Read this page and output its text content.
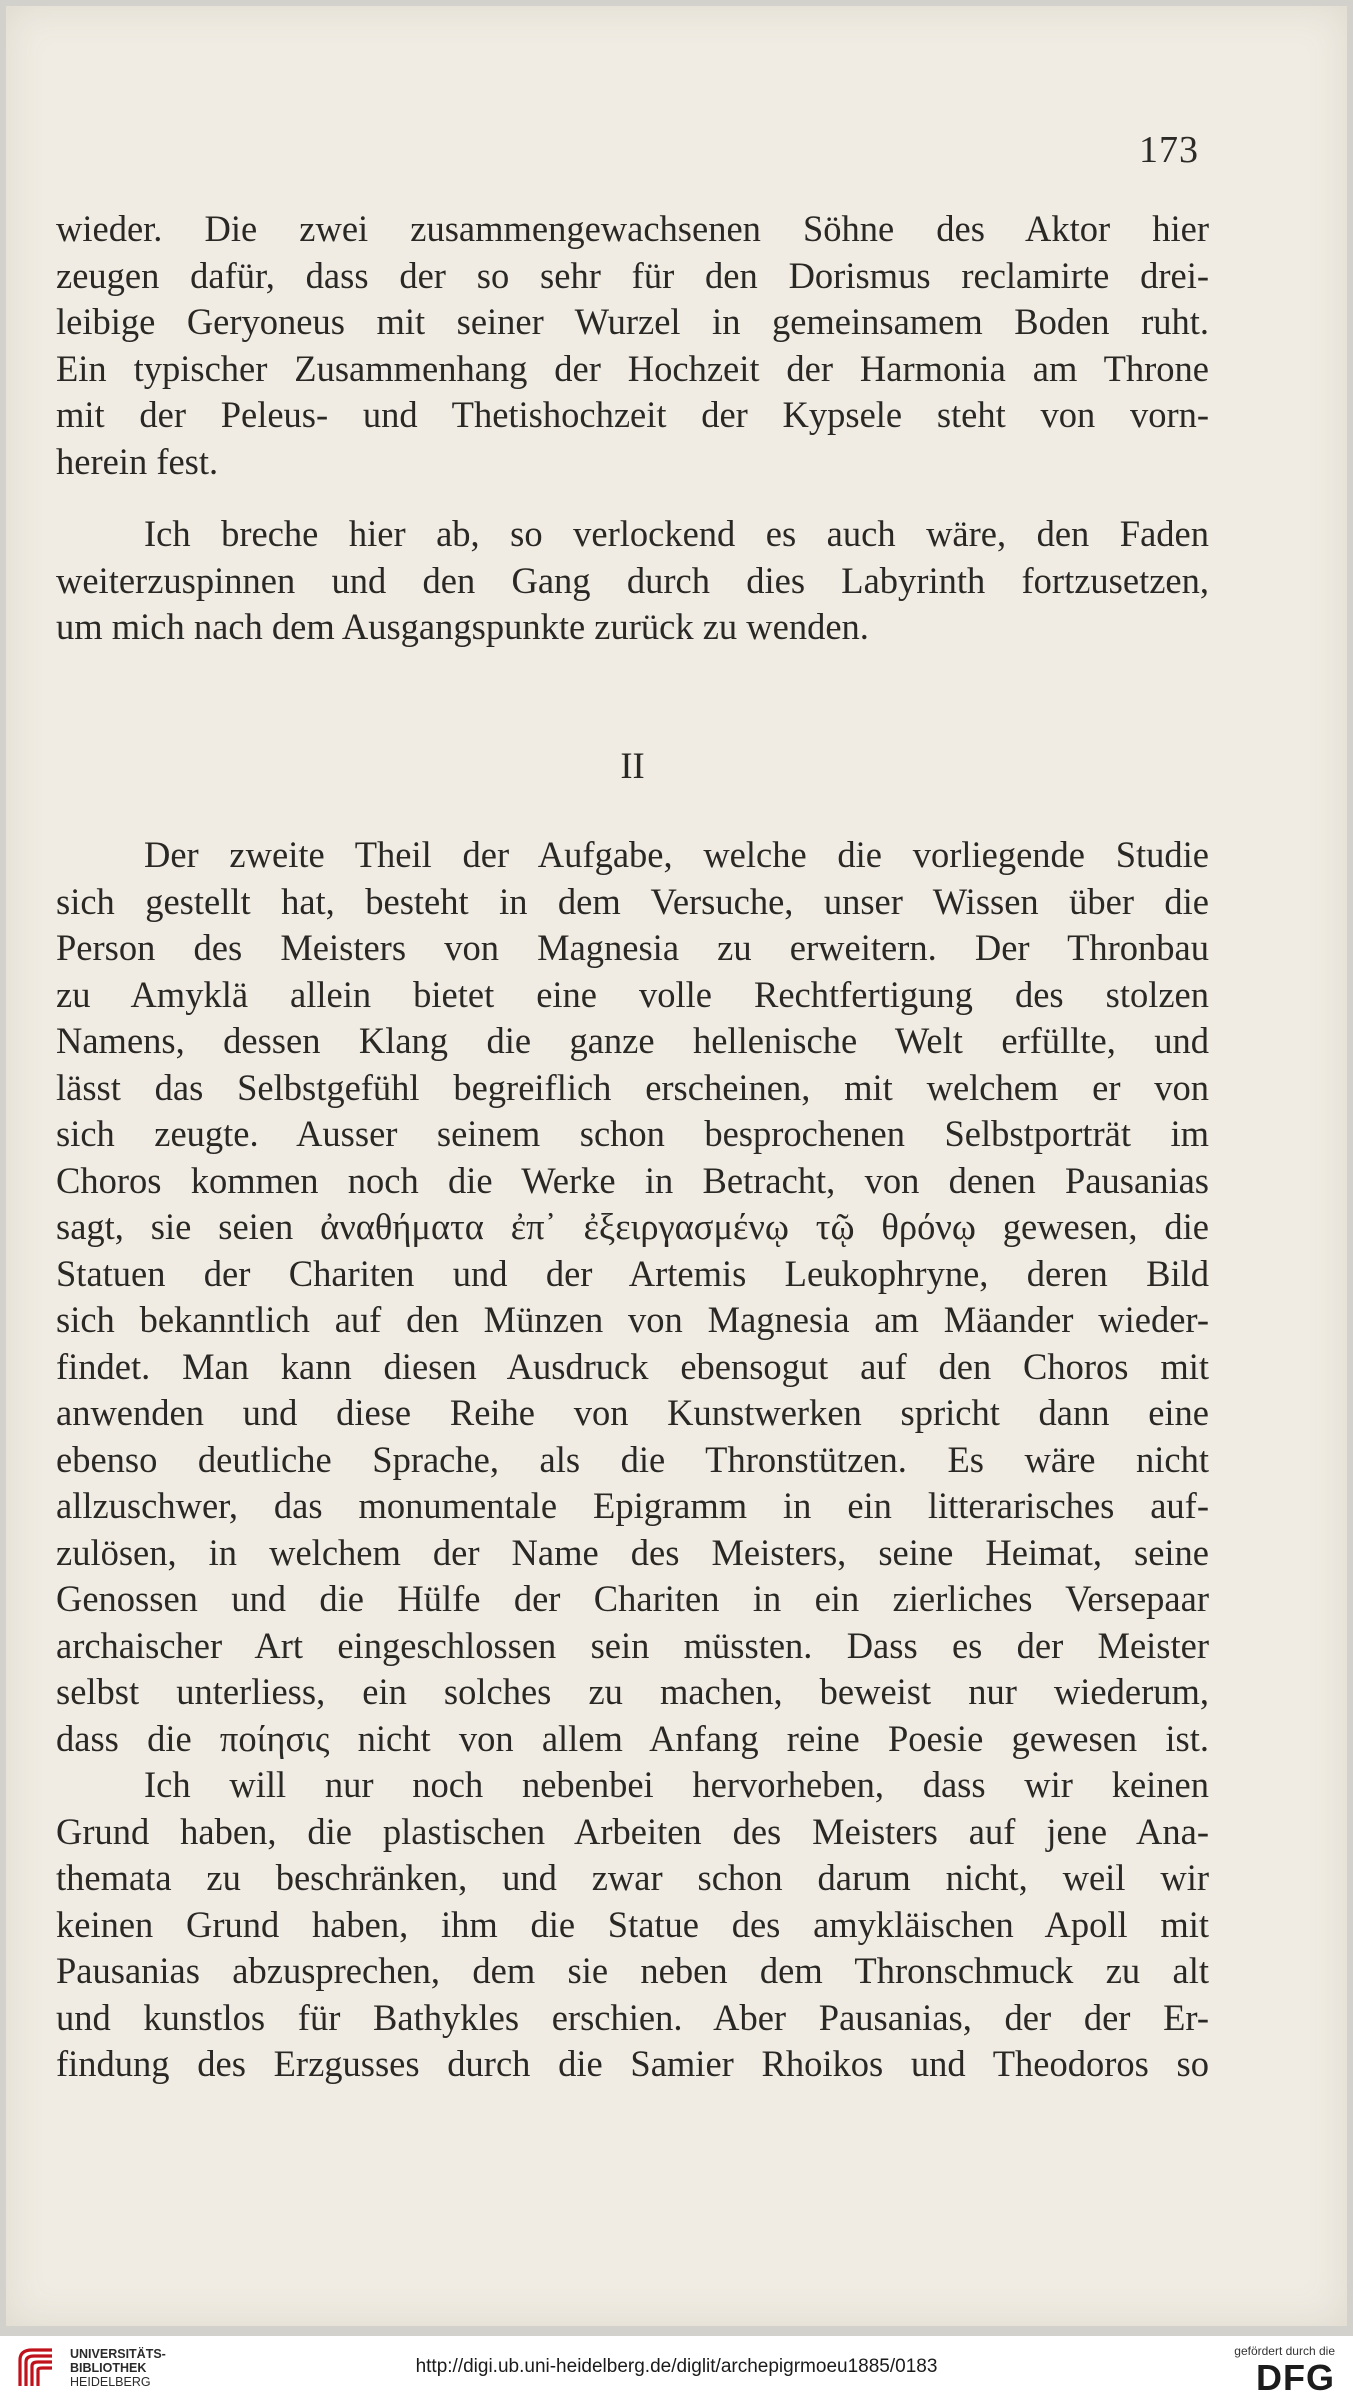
173
wieder. Die zwei zusammengewachsenen Söhne des Aktor hier
zeugen dafür, dass der so sehr für den Dorismus reclamirte drei-
leibige Geryoneus mit seiner Wurzel in gemeinsamem Boden ruht.
Ein typischer Zusammenhang der Hochzeit der Harmonia am Throne
mit der Peleus- und Thetishochzeit der Kypsele steht von vorn-
herein fest.
Ich breche hier ab, so verlockend es auch wäre, den Faden
weiterzuspinnen und den Gang durch dies Labyrinth fortzusetzen,
um mich nach dem Ausgangspunkte zurück zu wenden.
II
Der zweite Theil der Aufgabe, welche die vorliegende Studie
sich gestellt hat, besteht in dem Versuche, unser Wissen über die
Person des Meisters von Magnesia zu erweitern. Der Thronbau
zu Amyklä allein bietet eine volle Rechtfertigung des stolzen
Namens, dessen Klang die ganze hellenische Welt erfüllte, und
lässt das Selbstgefühl begreiflich erscheinen, mit welchem er von
sich zeugte. Ausser seinem schon besprochenen Selbstporträt im
Choros kommen noch die Werke in Betracht, von denen Pausanias
sagt, sie seien ἀναθήματα ἐπ᾽ ἐξειργασμένῳ τῷ θρόνῳ gewesen, die
Statuen der Chariten und der Artemis Leukophryne, deren Bild
sich bekanntlich auf den Münzen von Magnesia am Mäander wieder-
findet. Man kann diesen Ausdruck ebensogut auf den Choros mit
anwenden und diese Reihe von Kunstwerken spricht dann eine
ebenso deutliche Sprache, als die Thronstützen. Es wäre nicht
allzuschwer, das monumentale Epigramm in ein litterarisches auf-
zulösen, in welchem der Name des Meisters, seine Heimat, seine
Genossen und die Hülfe der Chariten in ein zierliches Versepaar
archaischer Art eingeschlossen sein müssten. Dass es der Meister
selbst unterliess, ein solches zu machen, beweist nur wiederum,
dass die ποίησις nicht von allem Anfang reine Poesie gewesen ist.
Ich will nur noch nebenbei hervorheben, dass wir keinen
Grund haben, die plastischen Arbeiten des Meisters auf jene Ana-
themata zu beschränken, und zwar schon darum nicht, weil wir
keinen Grund haben, ihm die Statue des amykläischen Apoll mit
Pausanias abzusprechen, dem sie neben dem Thronschmuck zu alt
und kunstlos für Bathykles erschien. Aber Pausanias, der der Er-
findung des Erzgusses durch die Samier Rhoikos und Theodoros so
UNIVERSITÄTS-
BIBLIOTHEK
HEIDELBERG
http://digi.ub.uni-heidelberg.de/diglit/archepigrmoeu1885/0183
gefördert durch die
DFG
